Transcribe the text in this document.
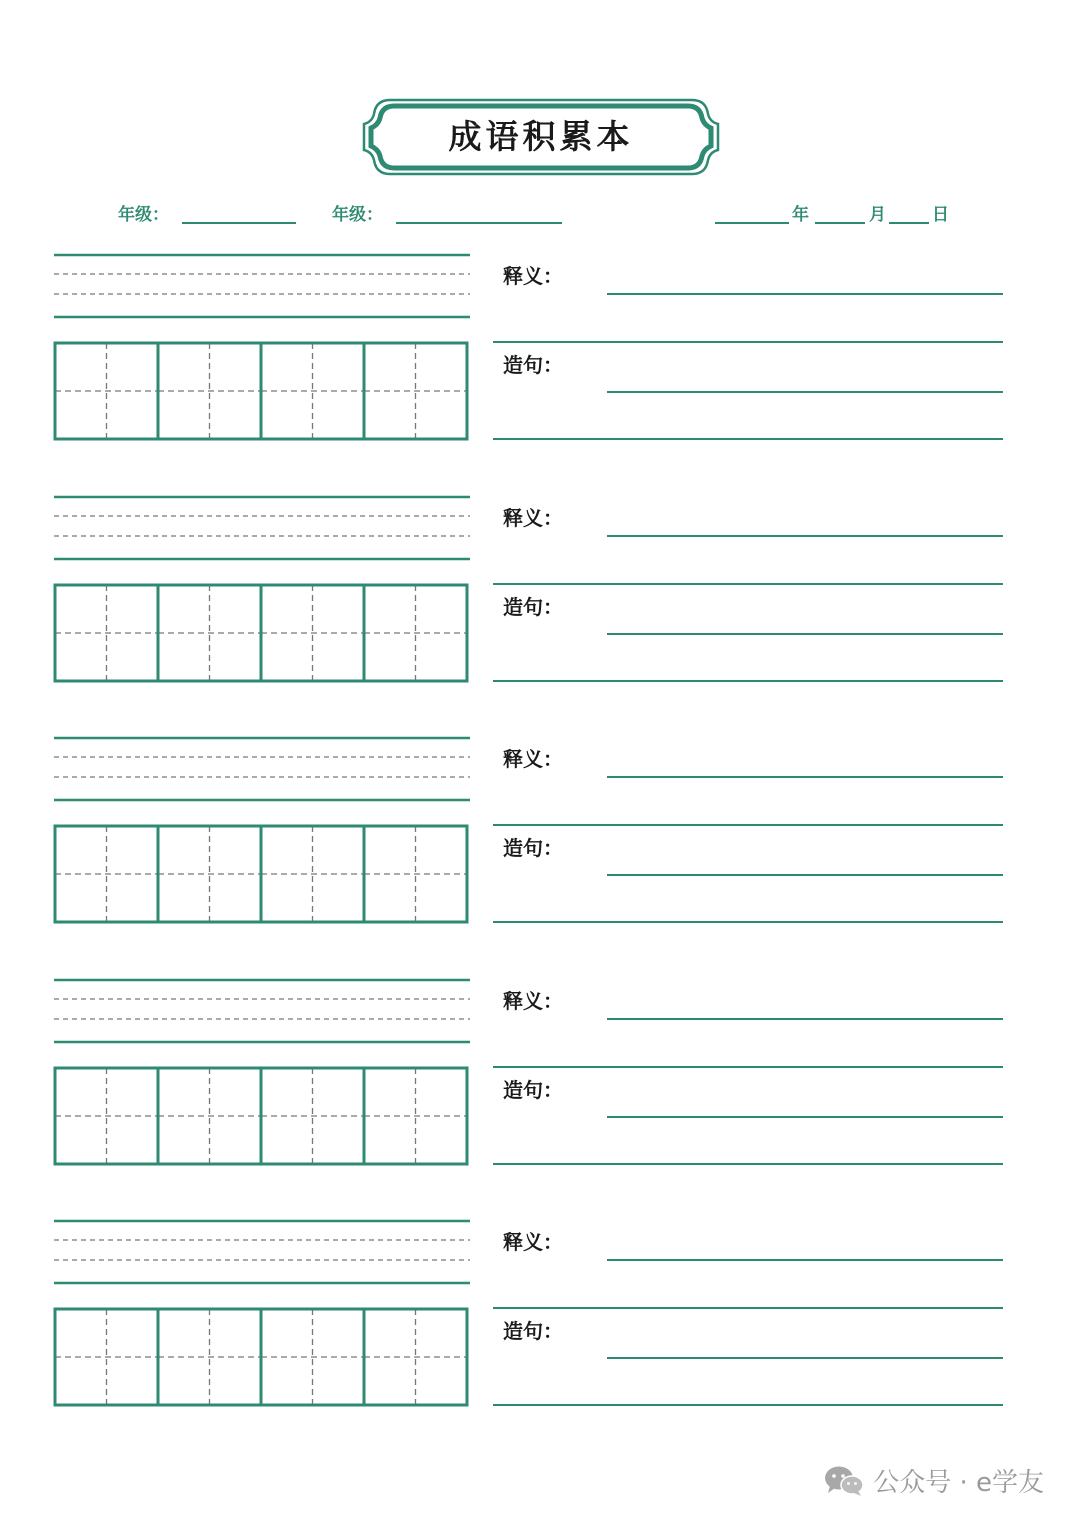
成语积累本
年级：	年级：	年	月	日
释义：
造句：
释义：
造句：
释义：
造句：
释义：
造句：
释义：
造句：
公众号 · e学友
